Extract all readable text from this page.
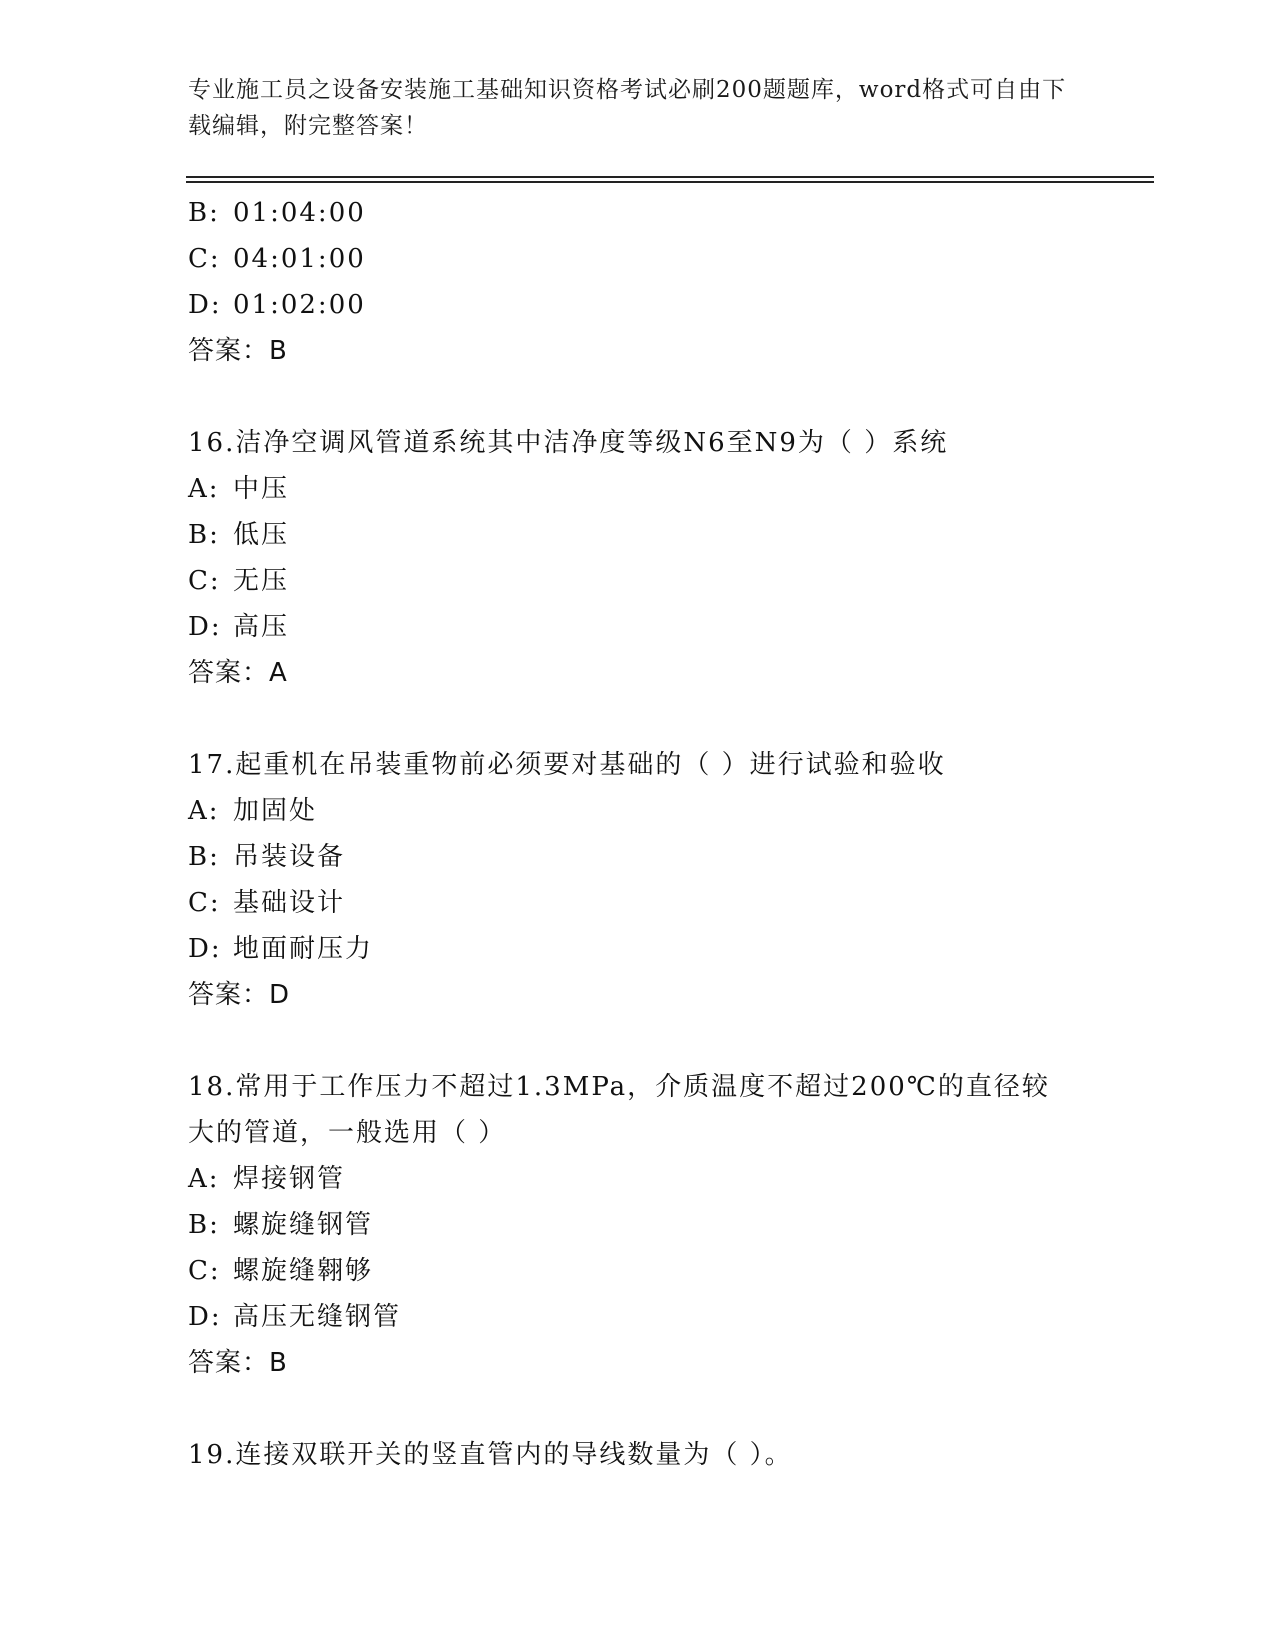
专业施工员之设备安装施工基础知识资格考试必刷200题题库，word格式可自由下载编辑，附完整答案！
B: 01:04:00
C: 04:01:00
D: 01:02:00
答案：B
16.洁净空调风管道系统其中洁净度等级N6至N9为（ ）系统
A: 中压
B: 低压
C: 无压
D: 高压
答案：A
17.起重机在吊装重物前必须要对基础的（ ）进行试验和验收
A: 加固处
B: 吊装设备
C: 基础设计
D: 地面耐压力
答案：D
18.常用于工作压力不超过1.3MPa，介质温度不超过200℃的直径较大的管道，一般选用（ ）
A: 焊接钢管
B: 螺旋缝钢管
C: 螺旋缝翱够
D: 高压无缝钢管
答案：B
19.连接双联开关的竖直管内的导线数量为（ ）。
